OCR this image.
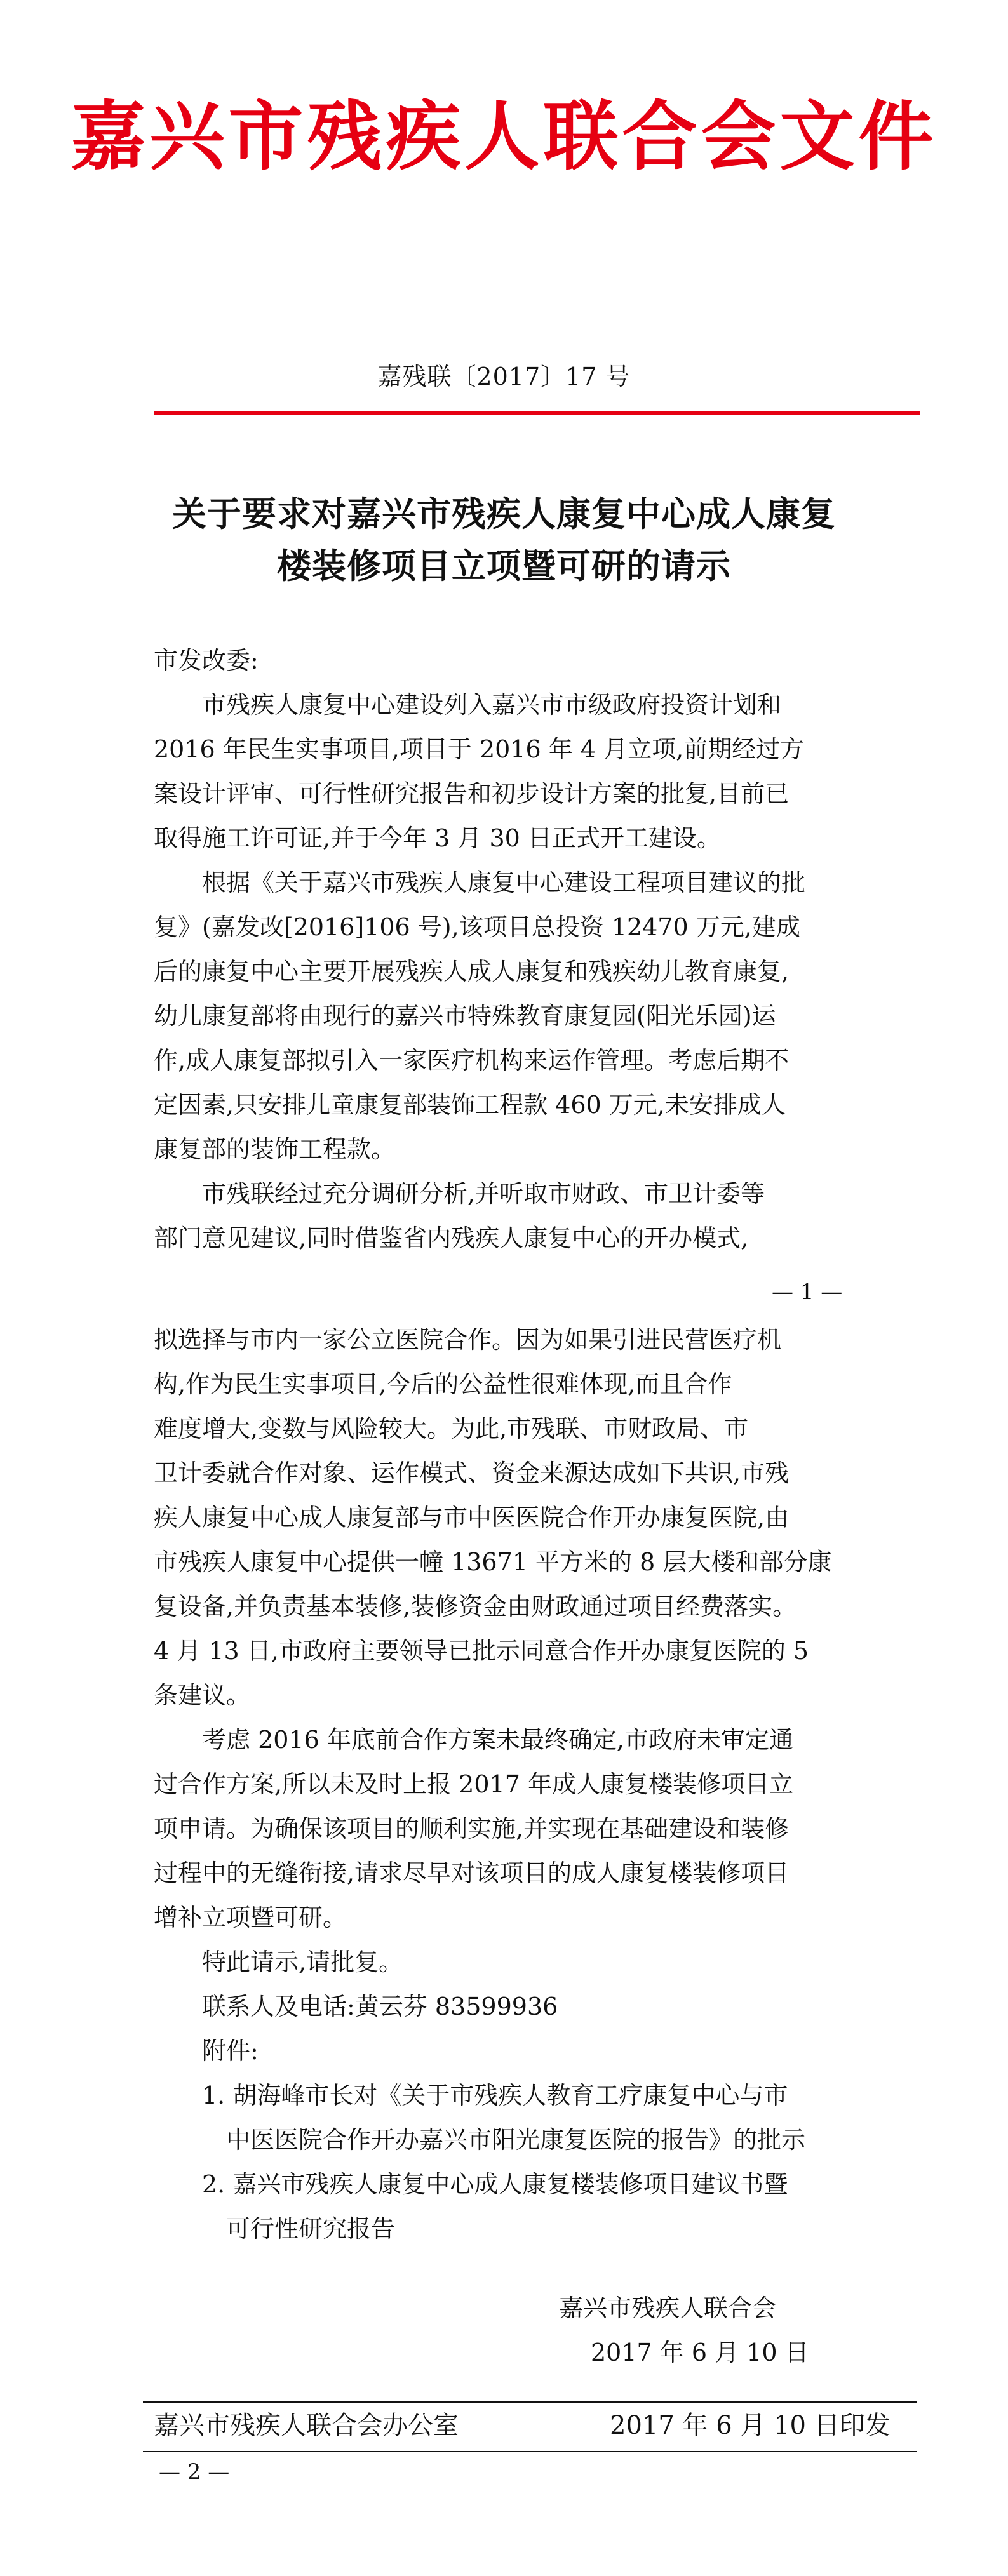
嘉兴市残疾人联合会文件
嘉残联〔2017〕17 号
关于要求对嘉兴市残疾人康复中心成人康复
楼装修项目立项暨可研的请示
市发改委:
市残疾人康复中心建设列入嘉兴市市级政府投资计划和
2016 年民生实事项目,项目于 2016 年 4 月立项,前期经过方
案设计评审、可行性研究报告和初步设计方案的批复,目前已
取得施工许可证,并于今年 3 月 30 日正式开工建设。
根据《关于嘉兴市残疾人康复中心建设工程项目建议的批
复》(嘉发改[2016]106 号),该项目总投资 12470 万元,建成
后的康复中心主要开展残疾人成人康复和残疾幼儿教育康复,
幼儿康复部将由现行的嘉兴市特殊教育康复园(阳光乐园)运
作,成人康复部拟引入一家医疗机构来运作管理。考虑后期不
定因素,只安排儿童康复部装饰工程款 460 万元,未安排成人
康复部的装饰工程款。
市残联经过充分调研分析,并听取市财政、市卫计委等
部门意见建议,同时借鉴省内残疾人康复中心的开办模式,
— 1 —
拟选择与市内一家公立医院合作。因为如果引进民营医疗机
构,作为民生实事项目,今后的公益性很难体现,而且合作
难度增大,变数与风险较大。为此,市残联、市财政局、市
卫计委就合作对象、运作模式、资金来源达成如下共识,市残
疾人康复中心成人康复部与市中医医院合作开办康复医院,由
市残疾人康复中心提供一幢 13671 平方米的 8 层大楼和部分康
复设备,并负责基本装修,装修资金由财政通过项目经费落实。
4 月 13 日,市政府主要领导已批示同意合作开办康复医院的 5
条建议。
考虑 2016 年底前合作方案未最终确定,市政府未审定通
过合作方案,所以未及时上报 2017 年成人康复楼装修项目立
项申请。为确保该项目的顺利实施,并实现在基础建设和装修
过程中的无缝衔接,请求尽早对该项目的成人康复楼装修项目
增补立项暨可研。
特此请示,请批复。
联系人及电话:黄云芬 83599936
附件:
1. 胡海峰市长对《关于市残疾人教育工疗康复中心与市
中医医院合作开办嘉兴市阳光康复医院的报告》的批示
2. 嘉兴市残疾人康复中心成人康复楼装修项目建议书暨
可行性研究报告
嘉兴市残疾人联合会
2017 年 6 月 10 日
嘉兴市残疾人联合会办公室	2017 年 6 月 10 日印发
— 2 —
